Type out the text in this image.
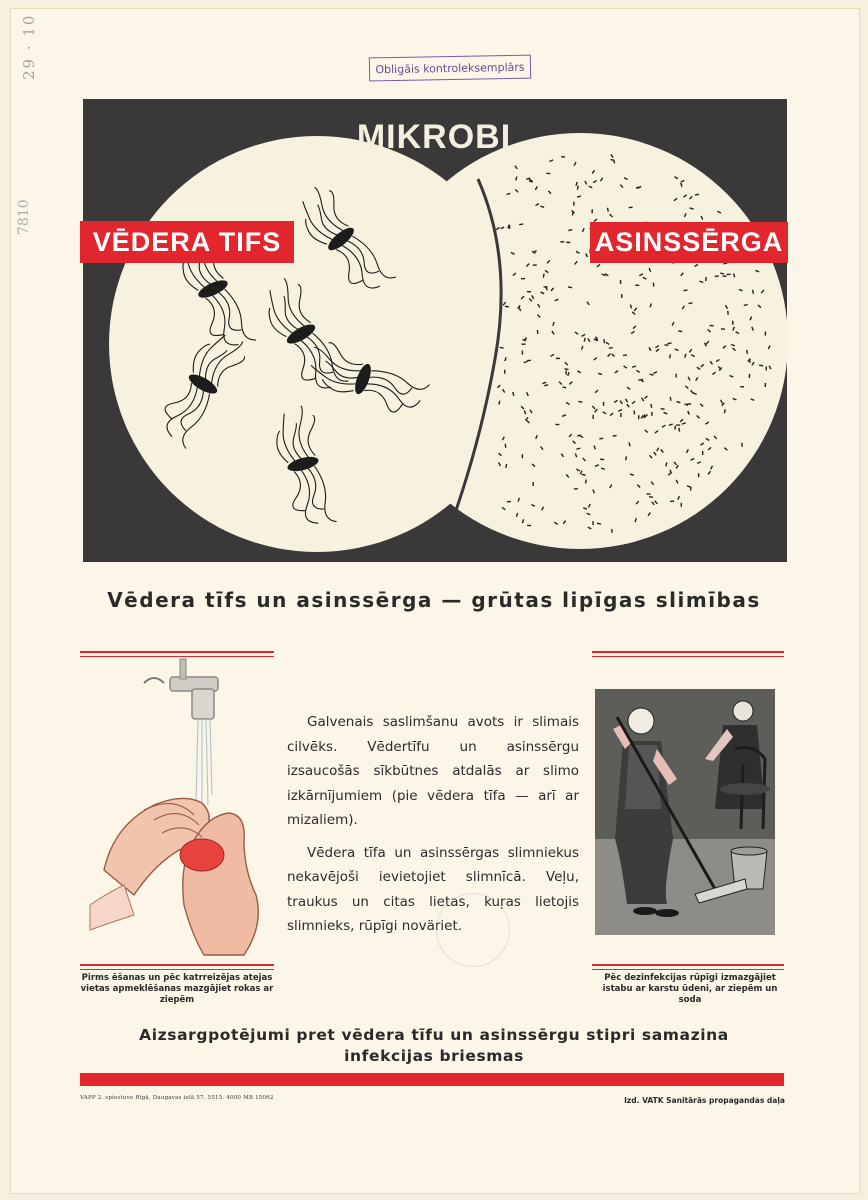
Obligāis kontroleksemplārs
29 · 10
7810
MIKROBI
VĒDERA TIFS	ASINSSĒRGA
Vēdera tīfs un asinssērga — grūtas lipīgas slimības

Galvenais saslimšanu avots ir slimais cilvēks. Vēdertīfu un asinssērgu izsaucošās sīkbūtnes atdalās ar slimo izkārnījumiem (pie vēdera tīfa — arī ar mizaliem).

Vēdera tīfa un asinssērgas slimniekus nekavējoši ievietojiet slimnīcā. Veļu, traukus un citas lietas, kuŗas lietojis slimnieks, rūpīgi noväriet.

Pirms ēšanas un pēc katrreizējas atejas vietas apmeklēšanas mazgājiet rokas ar ziepēm
Pēc dezinfekcijas rūpīgi izmazgājiet istabu ar karstu ūdeni, ar ziepēm un soda
Aizsargpotējumi pret vēdera tīfu un asinssērgu stipri samazina infekcijas briesmas
VAPP 2. spiestuve Rīgā, Daugavas ielā 57. 5515. 4000 MB 15062	Izd. VATK Sanitārās propagandas daļa
